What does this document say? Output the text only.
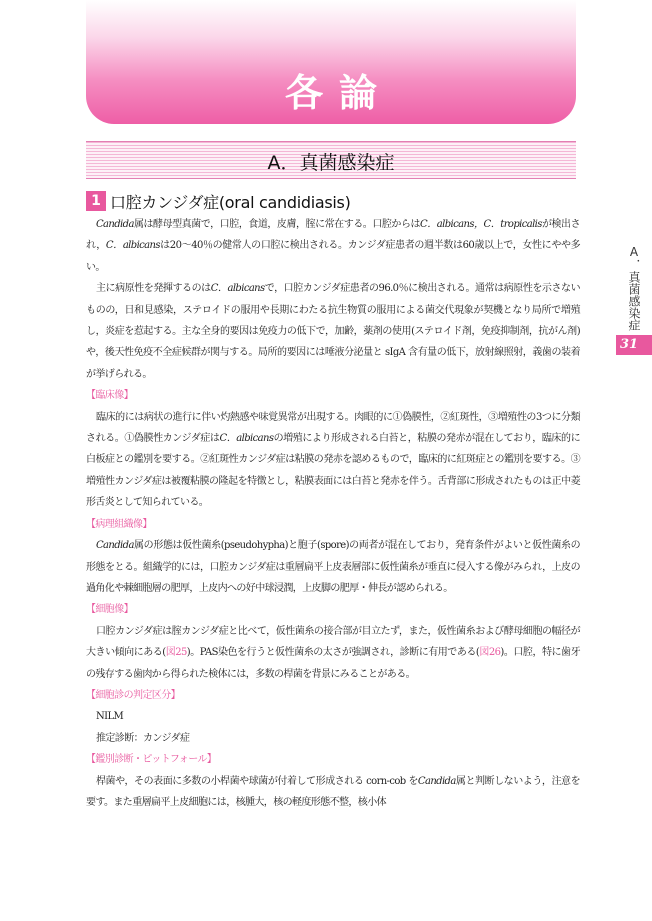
各論
A．真菌感染症
A．真菌感染症
31
1 口腔カンジダ症(oral candidiasis)

Candida属は酵母型真菌で，口腔，食道，皮膚，腟に常在する。口腔からはC．albicans，C．tropicalisが検出され，C．albicansは20～40％の健常人の口腔に検出される。カンジダ症患者の週半数は60歳以上で，女性にやや多い。

主に病原性を発揮するのはC．albicansで，口腔カンジダ症患者の96.0％に検出される。通常は病原性を示さないものの，日和見感染，ステロイドの服用や長期にわたる抗生物質の服用による菌交代現象が契機となり局所で増殖し，炎症を惹起する。主な全身的要因は免疫力の低下で，加齢，薬剤の使用(ステロイド剤，免疫抑制剤，抗がん剤)や，後天性免疫不全症候群が関与する。局所的要因には唾液分泌量と sIgA 含有量の低下，放射線照射，義歯の装着が挙げられる。

【臨床像】

臨床的には病状の進行に伴い灼熱感や味覚異常が出現する。肉眼的に①偽膜性，②紅斑性，③増殖性の3つに分類される。①偽膜性カンジダ症はC．albicansの増殖により形成される白苔と，粘膜の発赤が混在しており，臨床的に白板症との鑑別を要する。②紅斑性カンジダ症は粘膜の発赤を認めるもので，臨床的に紅斑症との鑑別を要する。③増殖性カンジダ症は被覆粘膜の隆起を特徴とし，粘膜表面には白苔と発赤を伴う。舌背部に形成されたものは正中菱形舌炎として知られている。

【病理組織像】

Candida属の形態は仮性菌糸(pseudohypha)と胞子(spore)の両者が混在しており，発育条件がよいと仮性菌糸の形態をとる。組織学的には，口腔カンジダ症は重層扁平上皮表層部に仮性菌糸が垂直に侵入する像がみられ，上皮の過角化や棘細胞層の肥厚，上皮内への好中球浸潤，上皮脚の肥厚・伸長が認められる。

【細胞像】

口腔カンジダ症は腟カンジダ症と比べて，仮性菌糸の接合部が目立たず，また，仮性菌糸および酵母細胞の幅径が大きい傾向にある(図25)。PAS染色を行うと仮性菌糸の太さが強調され，診断に有用である(図26)。口腔，特に歯牙の残存する歯肉から得られた検体には，多数の桿菌を背景にみることがある。

【細胞診の判定区分】

NILM

推定診断：カンジダ症

【鑑別診断・ピットフォール】

桿菌や，その表面に多数の小桿菌や球菌が付着して形成される corn-cob をCandida属と判断しないよう，注意を要す。また重層扁平上皮細胞には，核腫大，核の軽度形態不整，核小体
